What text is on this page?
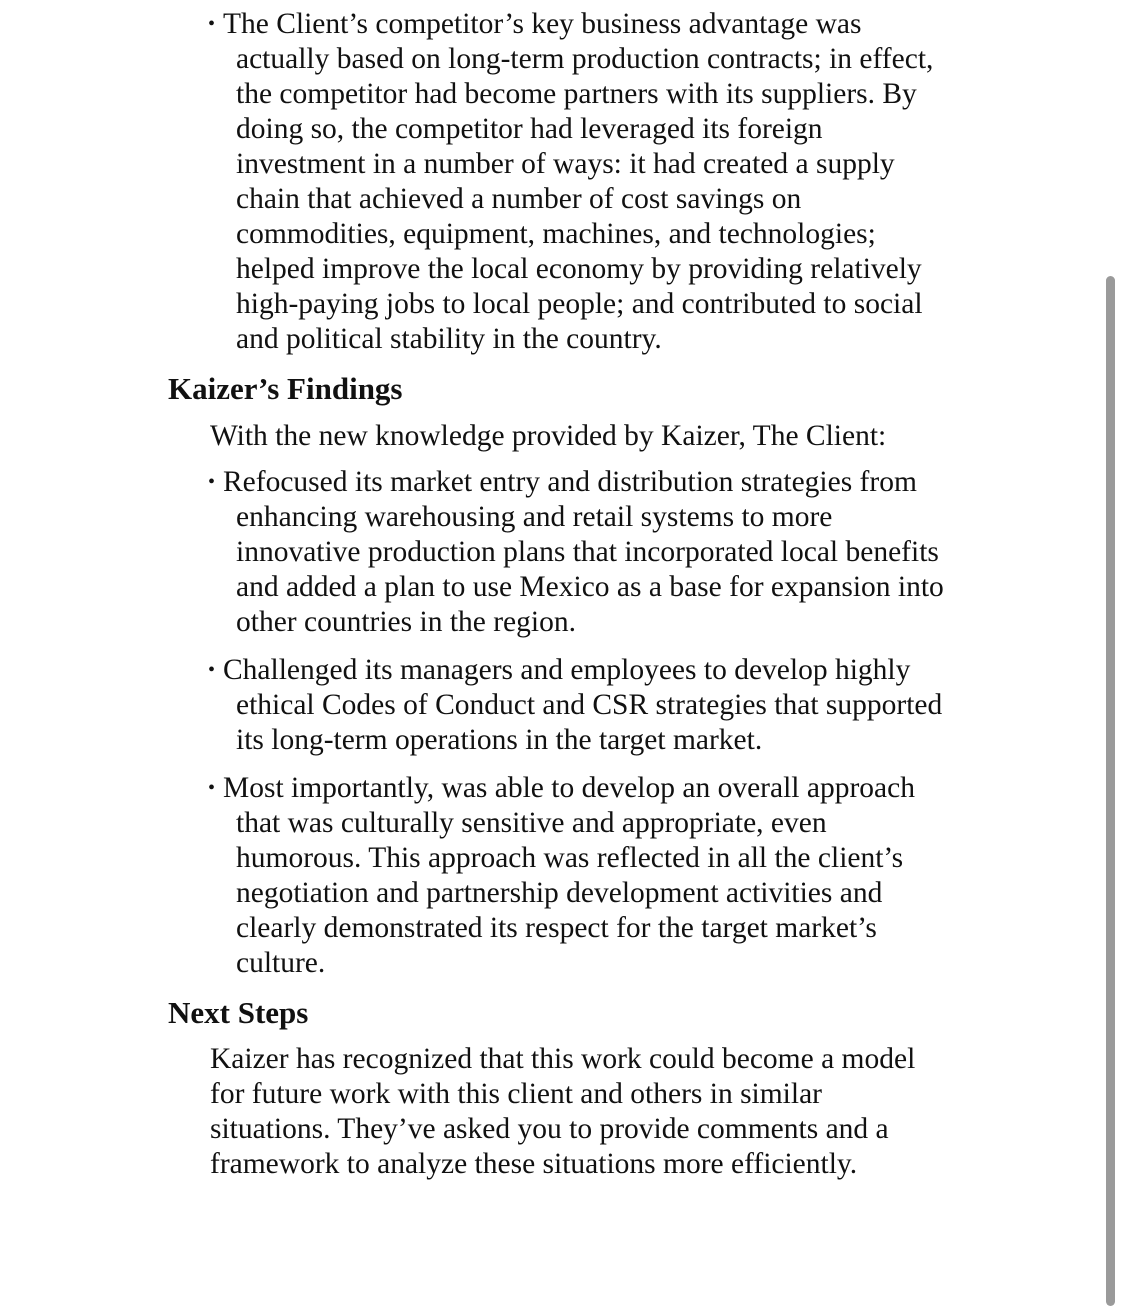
• The Client’s competitor’s key business advantage was
actually based on long-term production contracts; in effect,
the competitor had become partners with its suppliers. By
doing so, the competitor had leveraged its foreign
investment in a number of ways: it had created a supply
chain that achieved a number of cost savings on
commodities, equipment, machines, and technologies;
helped improve the local economy by providing relatively
high-paying jobs to local people; and contributed to social
and political stability in the country.
Kaizer’s Findings
With the new knowledge provided by Kaizer, The Client:
• Refocused its market entry and distribution strategies from
enhancing warehousing and retail systems to more
innovative production plans that incorporated local benefits
and added a plan to use Mexico as a base for expansion into
other countries in the region.
• Challenged its managers and employees to develop highly
ethical Codes of Conduct and CSR strategies that supported
its long-term operations in the target market.
• Most importantly, was able to develop an overall approach
that was culturally sensitive and appropriate, even
humorous. This approach was reflected in all the client’s
negotiation and partnership development activities and
clearly demonstrated its respect for the target market’s
culture.
Next Steps
Kaizer has recognized that this work could become a model
for future work with this client and others in similar
situations. They’ve asked you to provide comments and a
framework to analyze these situations more efficiently.
